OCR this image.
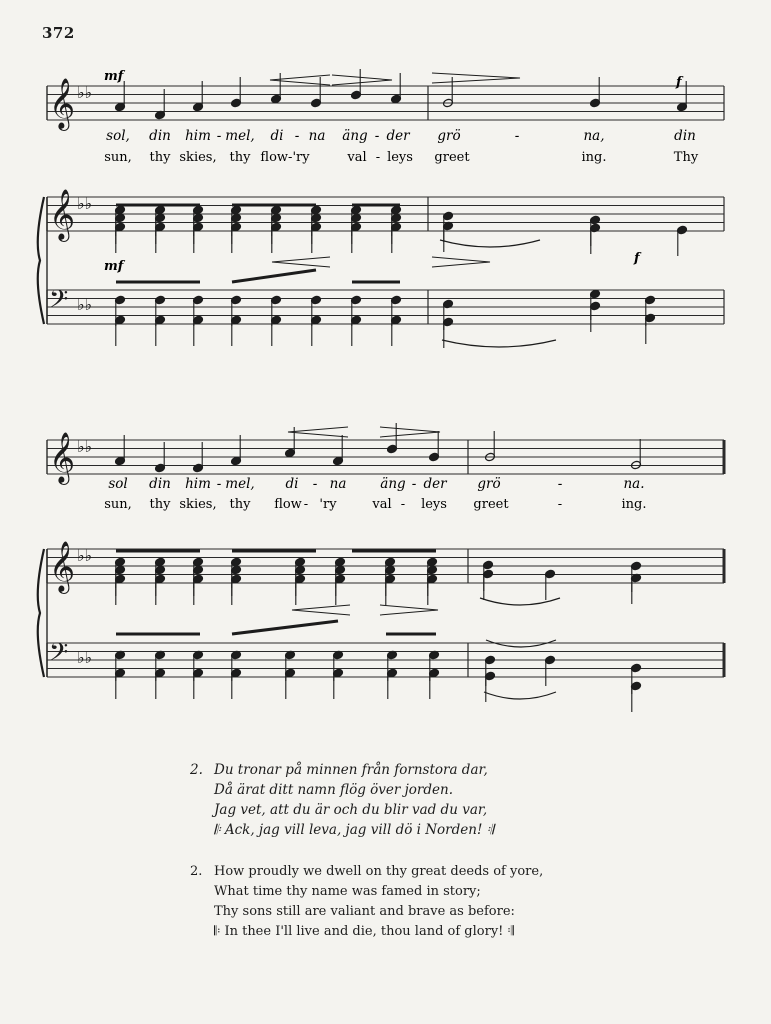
372
𝄞 ♭♭
𝄞 ♭♭
𝄢 ♭♭
𝄞 ♭♭
𝄞 ♭♭
𝄢 ♭♭
mf	f
mf
f
sol, din him - mel, di - na äng - der grö	-	na,	din
sun, thy skies, thy flow-'ry	val - leys greet	ing.	Thy
sol din him - mel, di - na	äng - der grö	-	na.
sun, thy skies, thy flow - 'ry	val - leys greet	-	ing.
2. Du tronar på minnen från fornstora dar,
Då ärat ditt namn flög över jorden.
Jag vet, att du är och du blir vad du var,
𝄆 Ack, jag vill leva, jag vill dö i Norden! 𝄇
2. How proudly we dwell on thy great deeds of yore,
What time thy name was famed in story;
Thy sons still are valiant and brave as before:
𝄆 In thee I'll live and die, thou land of glory! 𝄇
